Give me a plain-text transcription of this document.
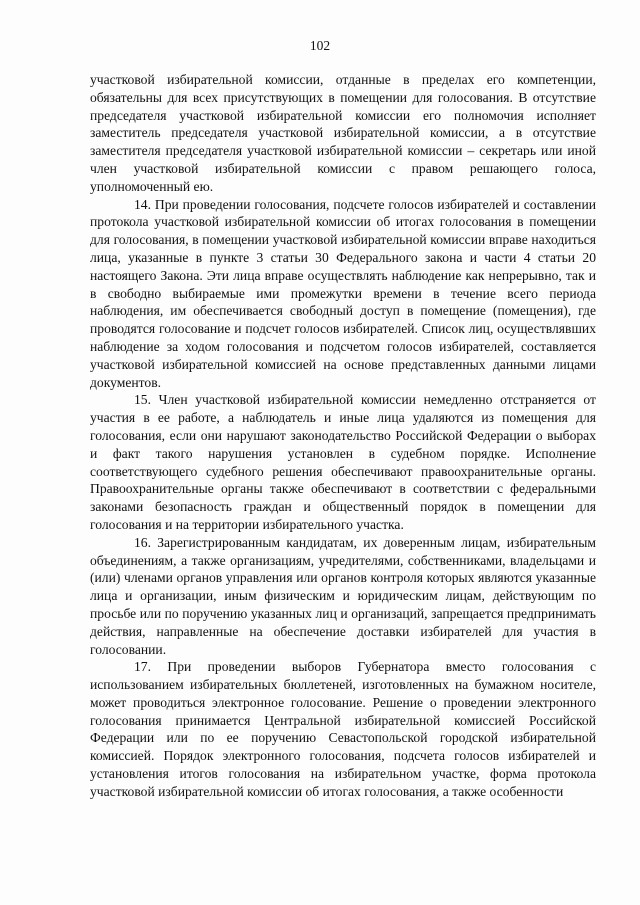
102

участковой избирательной комиссии, отданные в пределах его компетенции, обязательны для всех присутствующих в помещении для голосования. В отсутствие председателя участковой избирательной комиссии его полномочия исполняет заместитель председателя участковой избирательной комиссии, а в отсутствие заместителя председателя участковой избирательной комиссии – секретарь или иной член участковой избирательной комиссии с правом решающего голоса, уполномоченный ею.

14. При проведении голосования, подсчете голосов избирателей и составлении протокола участковой избирательной комиссии об итогах голосования в помещении для голосования, в помещении участковой избирательной комиссии вправе находиться лица, указанные в пункте 3 статьи 30 Федерального закона и части 4 статьи 20 настоящего Закона. Эти лица вправе осуществлять наблюдение как непрерывно, так и в свободно выбираемые ими промежутки времени в течение всего периода наблюдения, им обеспечивается свободный доступ в помещение (помещения), где проводятся голосование и подсчет голосов избирателей. Список лиц, осуществлявших наблюдение за ходом голосования и подсчетом голосов избирателей, составляется участковой избирательной комиссией на основе представленных данными лицами документов.

15. Член участковой избирательной комиссии немедленно отстраняется от участия в ее работе, а наблюдатель и иные лица удаляются из помещения для голосования, если они нарушают законодательство Российской Федерации о выборах и факт такого нарушения установлен в судебном порядке. Исполнение соответствующего судебного решения обеспечивают правоохранительные органы. Правоохранительные органы также обеспечивают в соответствии с федеральными законами безопасность граждан и общественный порядок в помещении для голосования и на территории избирательного участка.

16. Зарегистрированным кандидатам, их доверенным лицам, избирательным объединениям, а также организациям, учредителями, собственниками, владельцами и (или) членами органов управления или органов контроля которых являются указанные лица и организации, иным физическим и юридическим лицам, действующим по просьбе или по поручению указанных лиц и организаций, запрещается предпринимать действия, направленные на обеспечение доставки избирателей для участия в голосовании.

17. При проведении выборов Губернатора вместо голосования с использованием избирательных бюллетеней, изготовленных на бумажном носителе, может проводиться электронное голосование. Решение о проведении электронного голосования принимается Центральной избирательной комиссией Российской Федерации или по ее поручению Севастопольской городской избирательной комиссией. Порядок электронного голосования, подсчета голосов избирателей и установления итогов голосования на избирательном участке, форма протокола участковой избирательной комиссии об итогах голосования, а также особенности
